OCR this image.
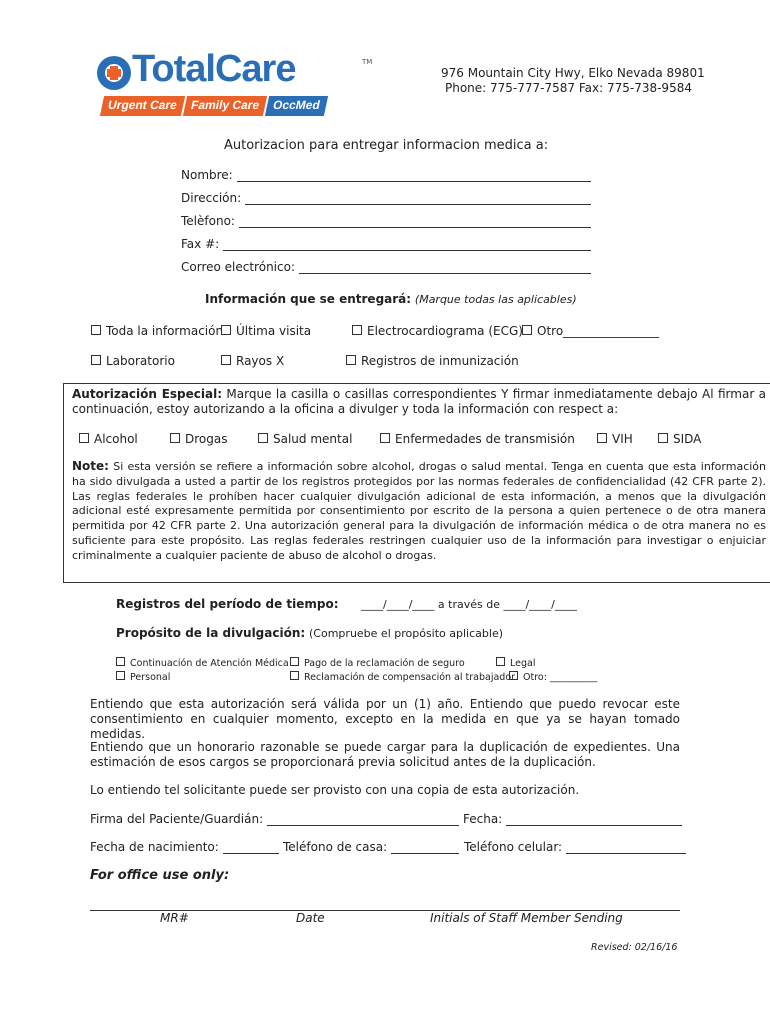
TotalCare	TM
Urgent Care Family Care OccMed
976 Mountain City Hwy, Elko Nevada 89801
Phone: 775-777-7587 Fax: 775-738-9584
Autorizacion para entregar informacion medica a:
Nombre:
Dirección:
Telèfono:
Fax #:
Correo electrónico:
Información que se entregará: (Marque todas las aplicables)
Toda la información	Última visita	Electrocardiograma (ECG)	Otro________________
Laboratorio	Rayos X	Registros de inmunización
Autorización Especial: Marque la casilla o casillas correspondientes Y firmar inmediatamente debajo Al firmar a continuación, estoy autorizando a la oficina a divulger y toda la información con respect a:
Alcohol	Drogas	Salud mental	Enfermedades de transmisión	VIH	SIDA
Note: Si esta versión se refiere a información sobre alcohol, drogas o salud mental. Tenga en cuenta que esta información ha sido divulgada a usted a partir de los registros protegidos por las normas federales de confidencialidad (42 CFR parte 2). Las reglas federales le prohíben hacer cualquier divulgación adicional de esta información, a menos que la divulgación adicional esté expresamente permitida por consentimiento por escrito de la persona a quien pertenece o de otra manera permitida por 42 CFR parte 2. Una autorización general para la divulgación de información médica o de otra manera no es suficiente para este propósito. Las reglas federales restringen cualquier uso de la información para investigar o enjuiciar criminalmente a cualquier paciente de abuso de alcohol o drogas.
Registros del período de tiempo: ____/____/____ a través de ____/____/____
Propósito de la divulgación: (Compruebe el propósito aplicable)
Continuación de Atención Médica	Pago de la reclamación de seguro	Legal
Personal	Reclamación de compensación al trabajador Otro: __________
Entiendo que esta autorización será válida por un (1) año. Entiendo que puedo revocar este consentimiento en cualquier momento, excepto en la medida en que ya se hayan tomado medidas.
Entiendo que un honorario razonable se puede cargar para la duplicación de expedientes. Una estimación de esos cargos se proporcionará previa solicitud antes de la duplicación.
Lo entiendo tel solicitante puede ser provisto con una copia de esta autorización.
Firma del Paciente/Guardián:	Fecha:
Fecha de nacimiento:	Teléfono de casa:	Teléfono celular:
For office use only:
MR#	Date	Initials of Staff Member Sending
Revised: 02/16/16
